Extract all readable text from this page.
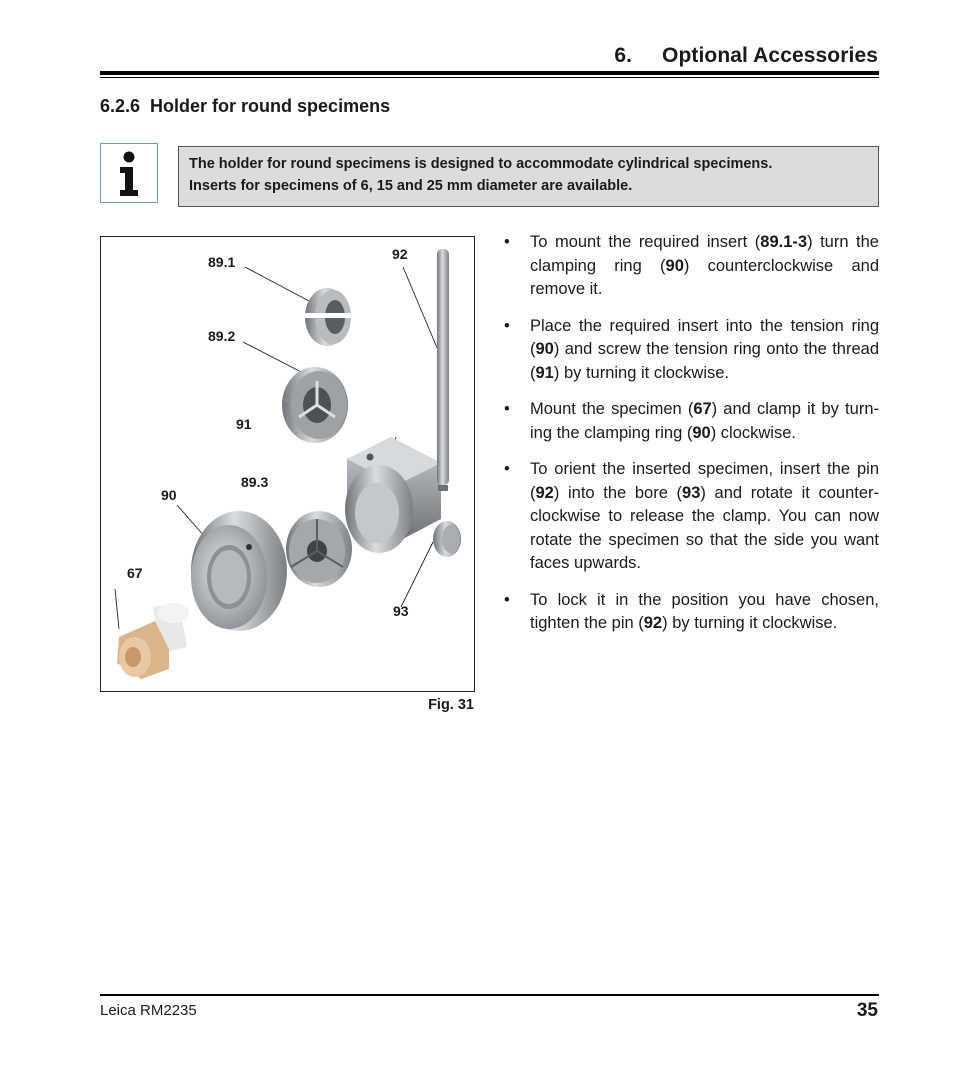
6. Optional Accessories
6.2.6 Holder for round specimens
The holder for round specimens is designed to accommodate cylindrical specimens.
Inserts for specimens of 6, 15 and 25 mm diameter are available.
89.1	92
89.2
91
89.3
90
67
93
Fig. 31
• To mount the required insert (89.1-3) turn the clamping ring (90) counterclockwise and remove it.
• Place the required insert into the tension ring (90) and screw the tension ring onto the thread (91) by turning it clockwise.
• Mount the specimen (67) and clamp it by turn-ing the clamping ring (90) clockwise.
• To orient the inserted specimen, insert the pin (92) into the bore (93) and rotate it counter-clockwise to release the clamp. You can now rotate the specimen so that the side you want faces upwards.
• To lock it in the position you have chosen, tighten the pin (92) by turning it clockwise.
Leica RM2235	35
